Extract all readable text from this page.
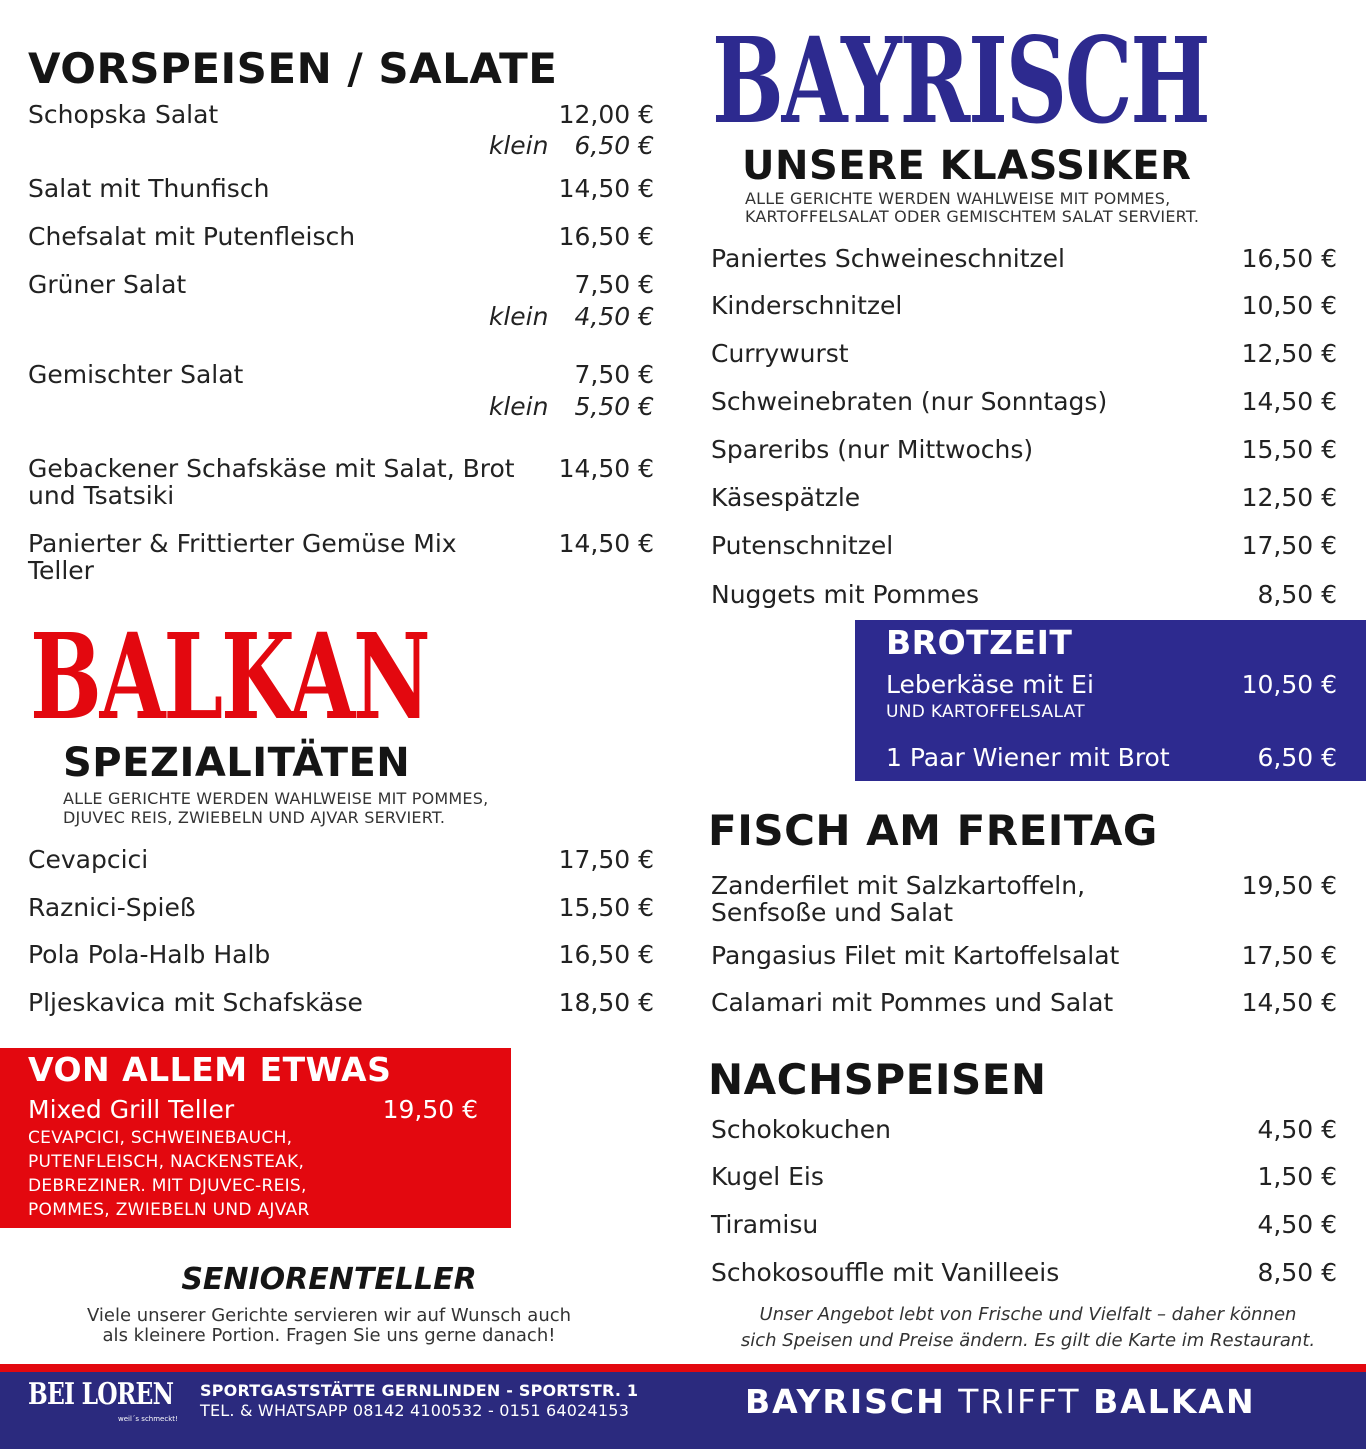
VORSPEISEN / SALATE
Schopska Salat	12,00 €
klein 6,50 €
Salat mit Thunfisch	14,50 €
Chefsalat mit Putenfleisch	16,50 €
Grüner Salat	7,50 €
klein 4,50 €
Gemischter Salat	7,50 €
klein 5,50 €
Gebackener Schafskäse mit Salat, Brot und Tsatsiki
14,50 €
Panierter & Frittierter Gemüse Mix Teller
14,50 €
BALKAN
SPEZIALITÄTEN
ALLE GERICHTE WERDEN WAHLWEISE MIT POMMES,
DJUVEC REIS, ZWIEBELN UND AJVAR SERVIERT.
Cevapcici	17,50 €
Raznici-Spieß	15,50 €
Pola Pola-Halb Halb	16,50 €
Pljeskavica mit Schafskäse	18,50 €
VON ALLEM ETWAS
Mixed Grill Teller	19,50 €
CEVAPCICI, SCHWEINEBAUCH,
PUTENFLEISCH, NACKENSTEAK,
DEBREZINER. MIT DJUVEC-REIS,
POMMES, ZWIEBELN UND AJVAR
SENIORENTELLER
Viele unserer Gerichte servieren wir auf Wunsch auch
als kleinere Portion. Fragen Sie uns gerne danach!
BAYRISCH
UNSERE KLASSIKER
ALLE GERICHTE WERDEN WAHLWEISE MIT POMMES,
KARTOFFELSALAT ODER GEMISCHTEM SALAT SERVIERT.
Paniertes Schweineschnitzel	16,50 €
Kinderschnitzel	10,50 €
Currywurst	12,50 €
Schweinebraten (nur Sonntags)	14,50 €
Spareribs (nur Mittwochs)	15,50 €
Käsespätzle	12,50 €
Putenschnitzel	17,50 €
Nuggets mit Pommes	8,50 €
BROTZEIT
Leberkäse mit Ei	10,50 €
UND KARTOFFELSALAT
1 Paar Wiener mit Brot	6,50 €
FISCH AM FREITAG
Zanderfilet mit Salzkartoffeln, Senfsoße und Salat
19,50 €
Pangasius Filet mit Kartoffelsalat	17,50 €
Calamari mit Pommes und Salat	14,50 €
NACHSPEISEN
Schokokuchen	4,50 €
Kugel Eis	1,50 €
Tiramisu	4,50 €
Schokosouffle mit Vanilleeis	8,50 €
Unser Angebot lebt von Frische und Vielfalt – daher können
sich Speisen und Preise ändern. Es gilt die Karte im Restaurant.
BEI LOREN
weil´s schmeckt!
SPORTGASTSTÄTTE GERNLINDEN - SPORTSTR. 1
TEL. & WHATSAPP 08142 4100532 - 0151 64024153	BAYRISCH TRIFFT BALKAN
